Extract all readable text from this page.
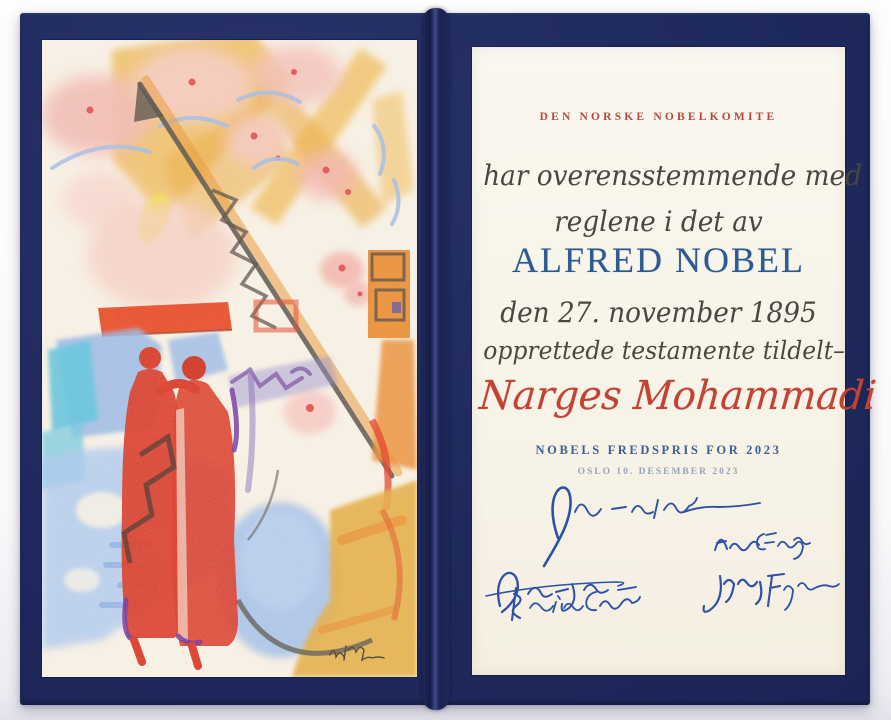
DEN NORSKE NOBELKOMITE
har overensstemmende med
reglene i det av
ALFRED NOBEL
den 27. november 1895
opprettede testamente tildelt–
Narges Mohammadi
NOBELS FREDSPRIS FOR 2023
OSLO 10. DESEMBER 2023
